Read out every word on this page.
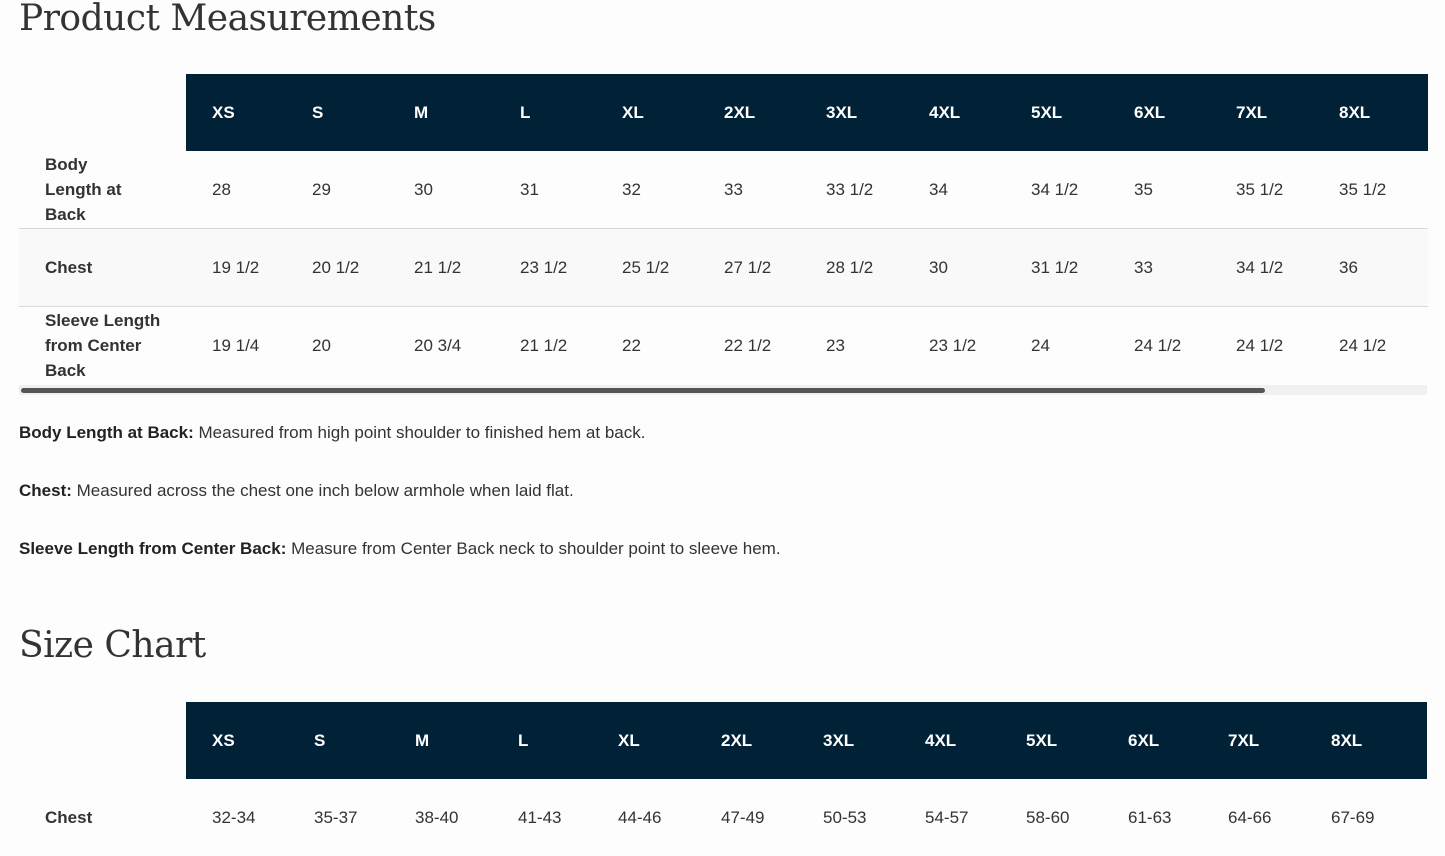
Product Measurements
	XS	S	M	L	XL	2XL	3XL	4XL	5XL	6XL	7XL	8XL
Body Length at Back	28	29	30	31	32	33	33 1/2	34	34 1/2	35	35 1/2	35 1/2
Chest	19 1/2	20 1/2	21 1/2	23 1/2	25 1/2	27 1/2	28 1/2	30	31 1/2	33	34 1/2	36
Sleeve Length from Center Back	19 1/4	20	20 3/4	21 1/2	22	22 1/2	23	23 1/2	24	24 1/2	24 1/2	24 1/2

Body Length at Back: Measured from high point shoulder to finished hem at back.

Chest: Measured across the chest one inch below armhole when laid flat.

Sleeve Length from Center Back: Measure from Center Back neck to shoulder point to sleeve hem.

Size Chart
	XS	S	M	L	XL	2XL	3XL	4XL	5XL	6XL	7XL	8XL
Chest	32-34	35-37	38-40	41-43	44-46	47-49	50-53	54-57	58-60	61-63	64-66	67-69
